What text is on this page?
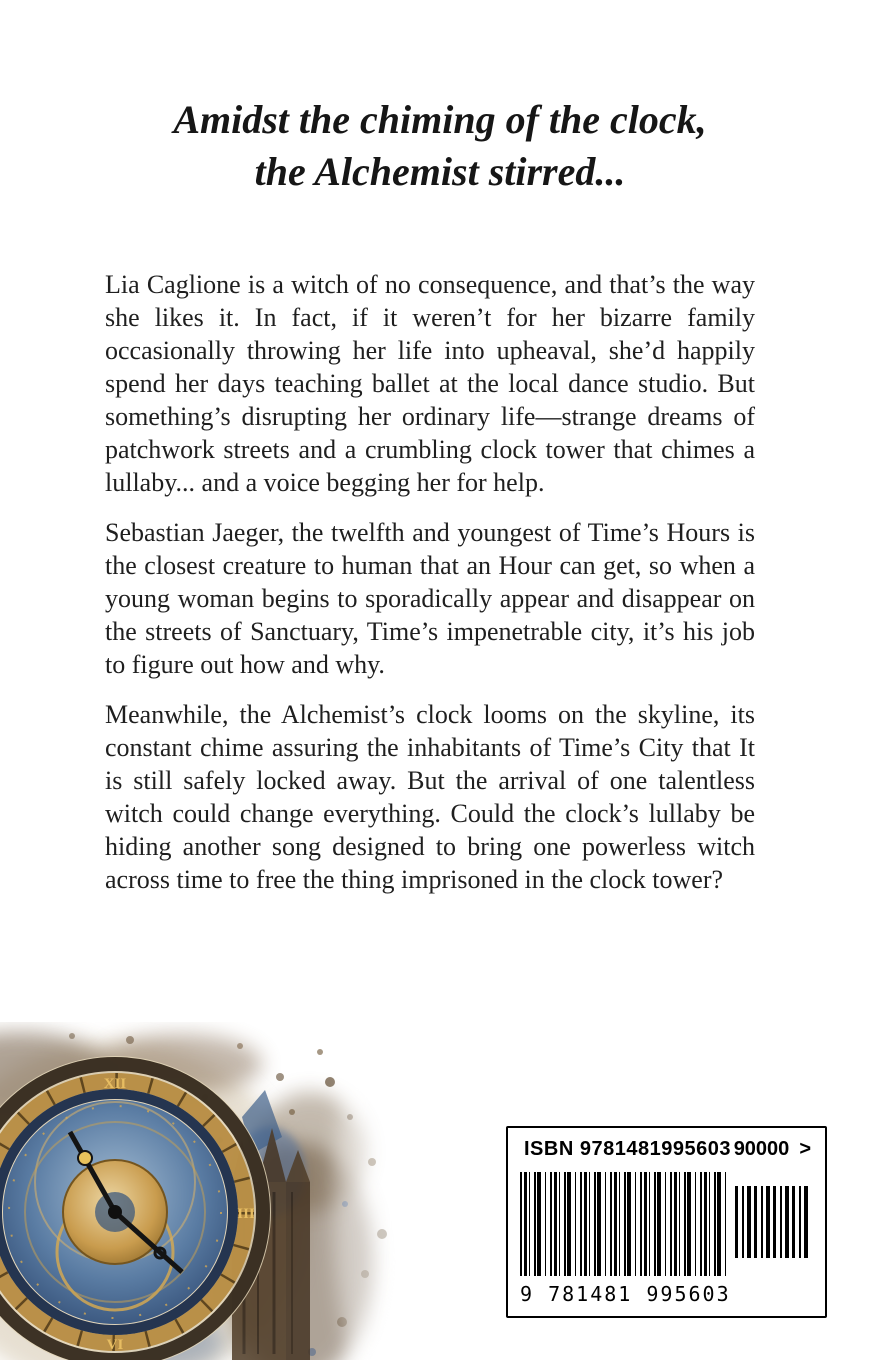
Amidst the chiming of the clock,
the Alchemist stirred...

Lia Caglione is a witch of no consequence, and that’s the way she likes it. In fact, if it weren’t for her bizarre family occasionally throwing her life into upheaval, she’d happily spend her days teaching ballet at the local dance studio. But something’s disrupting her ordinary life—strange dreams of patchwork streets and a crumbling clock tower that chimes a lullaby... and a voice begging her for help.

Sebastian Jaeger, the twelfth and youngest of Time’s Hours is the closest creature to human that an Hour can get, so when a young woman begins to sporadically appear and disappear on the streets of Sanctuary, Time’s impenetrable city, it’s his job to figure out how and why.

Meanwhile, the Alchemist’s clock looms on the skyline, its constant chime assuring the inhabitants of Time’s City that It is still safely locked away. But the arrival of one talentless witch could change everything. Could the clock’s lullaby be hiding another song designed to bring one powerless witch across time to free the thing imprisoned in the clock tower?

XII
III
VI
ISBN 9781481995603 90000 >
9 781481 995603
